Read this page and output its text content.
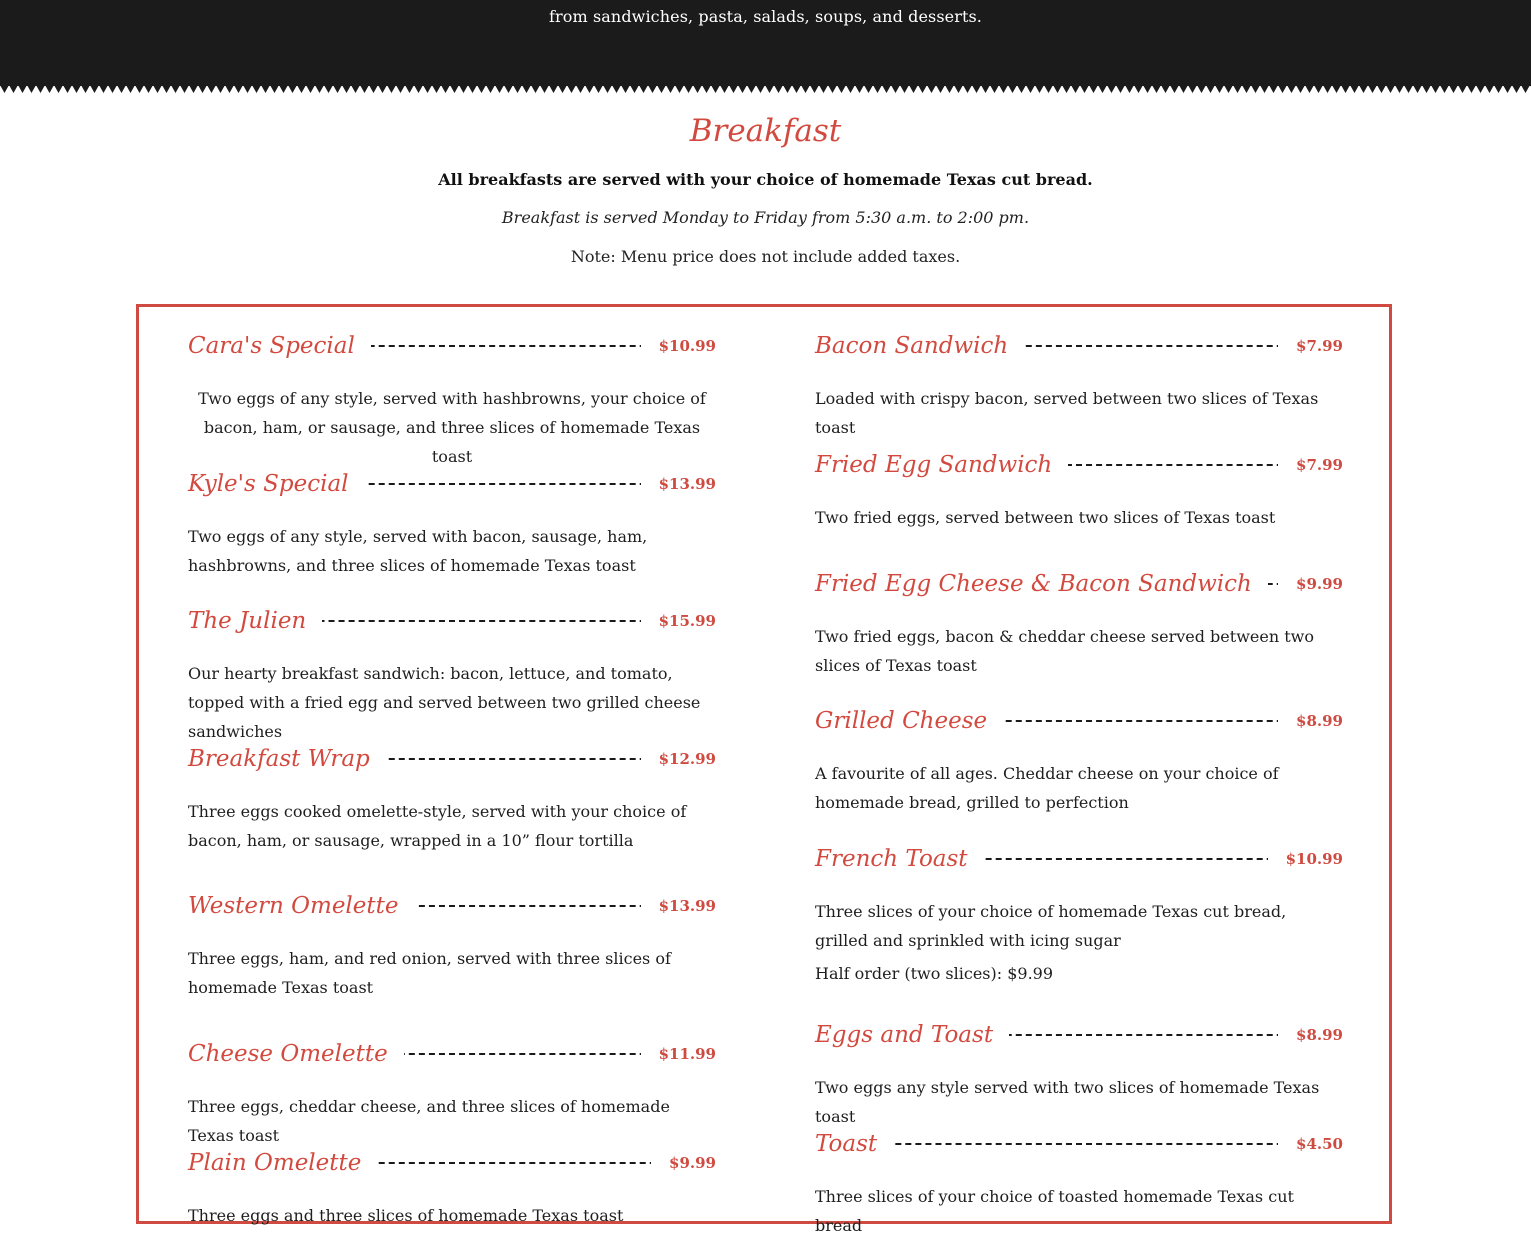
from sandwiches, pasta, salads, soups, and desserts.
Breakfast
All breakfasts are served with your choice of homemade Texas cut bread.
Breakfast is served Monday to Friday from 5:30 a.m. to 2:00 pm.
Note: Menu price does not include added taxes.
Cara's Special	$10.99
Two eggs of any style, served with hashbrowns, your choice of bacon, ham, or sausage, and three slices of homemade Texas toast
Kyle's Special	$13.99
Two eggs of any style, served with bacon, sausage, ham, hashbrowns, and three slices of homemade Texas toast
The Julien	$15.99
Our hearty breakfast sandwich: bacon, lettuce, and tomato, topped with a fried egg and served between two grilled cheese sandwiches
Breakfast Wrap	$12.99
Three eggs cooked omelette-style, served with your choice of bacon, ham, or sausage, wrapped in a 10” flour tortilla
Western Omelette	$13.99
Three eggs, ham, and red onion, served with three slices of homemade Texas toast
Cheese Omelette	$11.99
Three eggs, cheddar cheese, and three slices of homemade Texas toast
Plain Omelette	$9.99
Three eggs and three slices of homemade Texas toast
Bacon Sandwich	$7.99
Loaded with crispy bacon, served between two slices of Texas toast
Fried Egg Sandwich	$7.99
Two fried eggs, served between two slices of Texas toast
Fried Egg Cheese & Bacon Sandwich	$9.99
Two fried eggs, bacon & cheddar cheese served between two slices of Texas toast
Grilled Cheese	$8.99
A favourite of all ages. Cheddar cheese on your choice of homemade bread, grilled to perfection
French Toast	$10.99
Three slices of your choice of homemade Texas cut bread, grilled and sprinkled with icing sugar
Half order (two slices): $9.99
Eggs and Toast	$8.99
Two eggs any style served with two slices of homemade Texas toast
Toast	$4.50
Three slices of your choice of toasted homemade Texas cut bread
